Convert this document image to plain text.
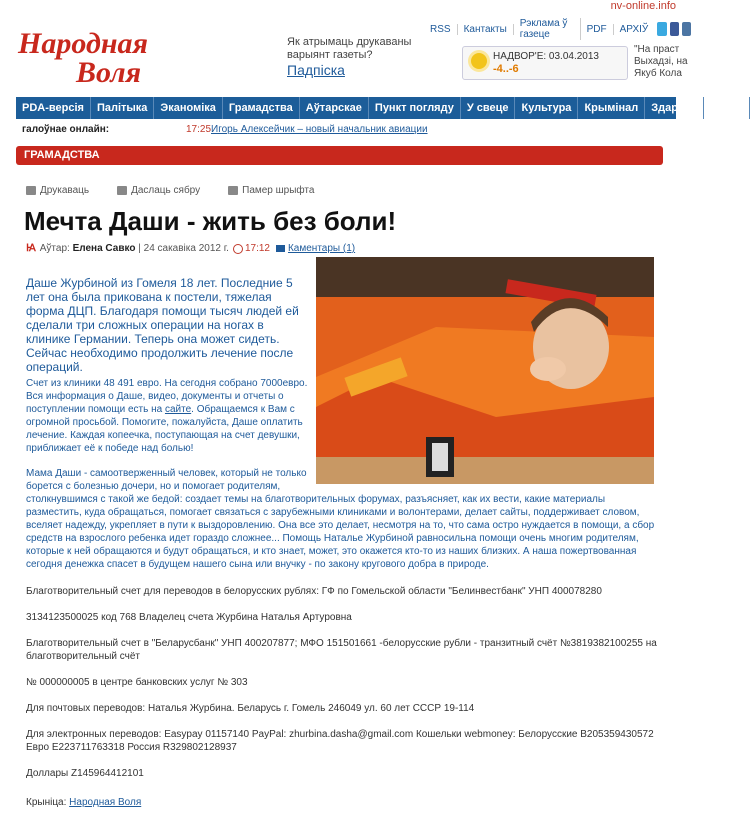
nv-online.info
RSS	Кантакты	Рэклама ў газеце	PDF	АРХІЎ
Народная
Воля
Як атрымаць друкаваны варыянт газеты?
Падпіска
НАДВОР'Е: 03.04.2013
-4..-6
"На праст
Выхадзі, на
Якуб Кола
PDA-версія	Палітыка	Эканоміка	Грамадства	Аўтарскае	Пункт погляду	У свеце	Культура	Крымінал	Здароўе	Спорт
галоўнае онлайн:	17:25 Игорь Алексейчик – новый начальник авиации
ГРАМАДСТВА
Друкаваць	Даслаць сябру	Памер шрыфта
Мечта Даши - жить без боли!
Ꙗ Аўтар:
Елена Савко
| 24 сакавіка 2012 г. 17:12 Каментары (1)
Даше Журбиной из Гомеля 18 лет. Последние 5 лет она была прикована к постели, тяжелая форма ДЦП. Благодаря помощи тысяч людей ей сделали три сложных операции на ногах в клинике Германии. Теперь она может сидеть. Сейчас необходимо продолжить лечение после операций.
Счет из клиники 48 491 евро. На сегодня собрано 7000евро. Вся информация о Даше, видео, документы и отчеты о поступлении помощи есть на сайте. Обращаемся к Вам с огромной просьбой. Помогите, пожалуйста, Даше оплатить лечение. Каждая копеечка, поступающая на счет девушки, приближает её к победе над болью!
Мама Даши - самоотверженный человек, который не только борется с болезнью дочери, но и помогает родителям, столкнувшимся с такой же бедой: создает темы на благотворительных форумах, разъясняет, как их вести, какие материалы разместить, куда обращаться, помогает связаться с зарубежными клиниками и волонтерами, делает сайты, поддерживает словом, вселяет надежду, укрепляет в пути к выздоровлению. Она все это делает, несмотря на то, что сама остро нуждается в помощи, а сбор средств на взрослого ребенка идет гораздо сложнее... Помощь Наталье Журбиной равносильна помощи очень многим родителям, которые к ней обращаются и будут обращаться, и кто знает, может, это окажется кто-то из наших близких. А наша пожертвованная сегодня денежка спасет в будущем нашего сына или внучку - по закону кругового добра в природе.
Благотворительный счет для переводов в белорусских рублях: ГФ по Гомельской области "Белинвестбанк" УНП 400078280
3134123500025 код 768 Владелец счета Журбина Наталья Артуровна
Благотворительный счет в "Беларусбанк" УНП 400207877; МФО 151501661 -белорусские рубли - транзитный счёт №3819382100255 на благотворительный счёт
№ 000000005 в центре банковских услуг № 303
Для почтовых переводов: Наталья Журбина. Беларусь г. Гомель 246049 ул. 60 лет СССР 19-114
Для электронных переводов: Easypay 01157140 PayPal: zhurbina.dasha@gmail.com Кошельки webmoney: Белорусские B205359430572 Евро E223711763318 Россия R329802128937
Доллары Z145964412101
Крыніца: Народная Воля
